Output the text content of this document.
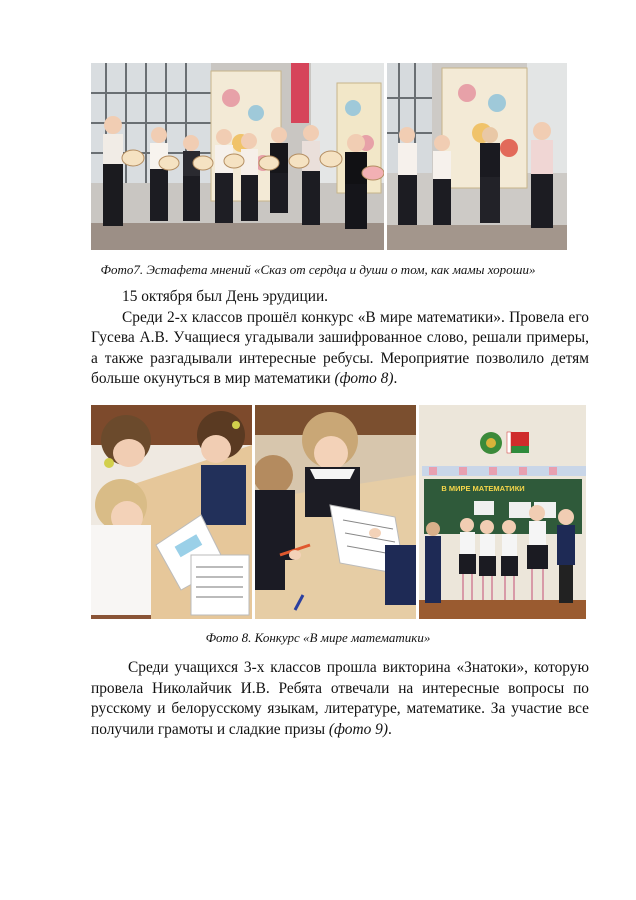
Фото7. Эстафета мнений «Сказ от сердца и души о том, как мамы хороши»

15 октября был День эрудиции.

Среди 2-х классов прошёл конкурс «В мире математики». Провела его Гусева А.В. Учащиеся угадывали зашифрованное слово, решали примеры, а также разгадывали интересные ребусы. Мероприятие позволило детям больше окунуться в мир математики (фото 8).

В МИРЕ МАТЕМАТИКИ
Фото 8. Конкурс «В мире математики»

Среди учащихся 3-х классов прошла викторина «Знатоки», которую провела Николайчик И.В. Ребята отвечали на интересные вопросы по русскому и белорусскому языкам, литературе, математике. За участие все получили грамоты и сладкие призы (фото 9).
